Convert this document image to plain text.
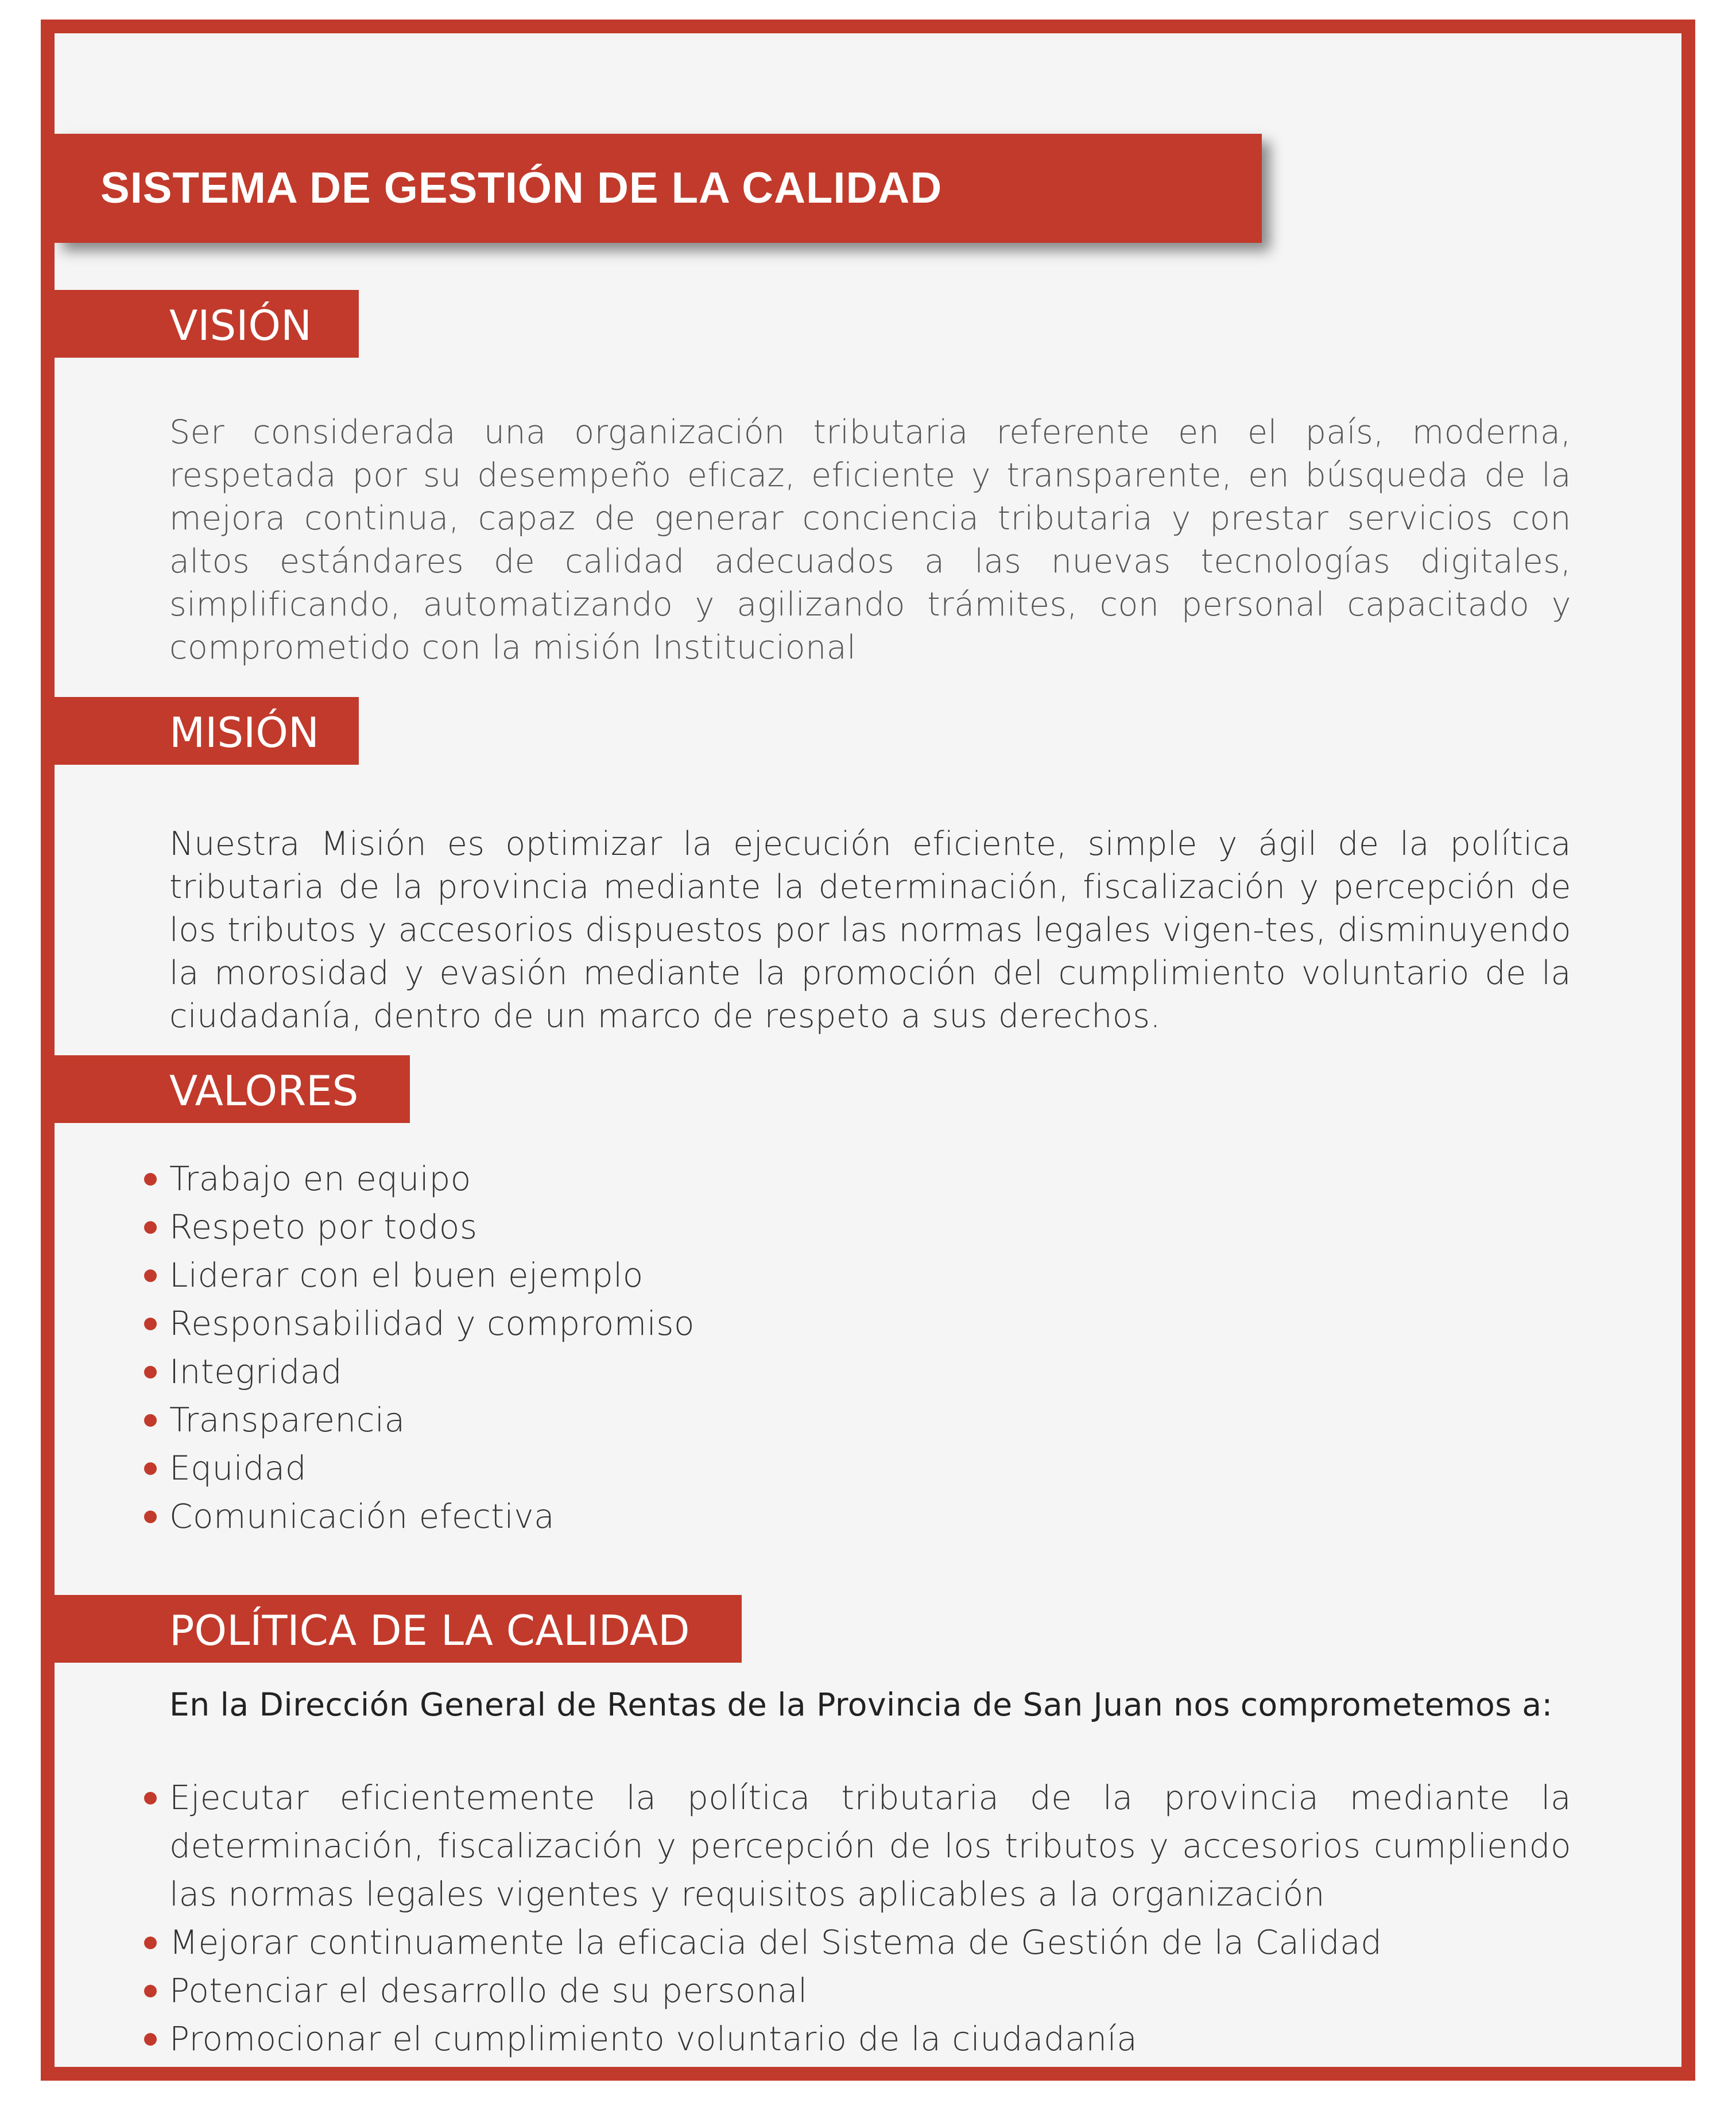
SISTEMA DE GESTIÓN DE LA CALIDAD
VISIÓN

Ser considerada una organización tributaria referente en el país, moderna, respetada por su desempeño eficaz, eficiente y transparente, en búsqueda de la mejora continua, capaz de generar conciencia tributaria y prestar servicios con altos estándares de calidad adecuados a las nuevas tecnologías digitales, simplificando, automatizando y agilizando trámites, con personal capacitado y comprometido con la misión Institucional

MISIÓN

Nuestra Misión es optimizar la ejecución eficiente, simple y ágil de la política tributaria de la provincia mediante la determinación, fiscalización y percepción de los tributos y accesorios dispuestos por las normas legales vigen-tes, disminuyendo la morosidad y evasión mediante la promoción del cumplimiento voluntario de la ciudadanía, dentro de un marco de respeto a sus derechos.

VALORES
Trabajo en equipo
Respeto por todos
Liderar con el buen ejemplo
Responsabilidad y compromiso
Integridad
Transparencia
Equidad
Comunicación efectiva
POLÍTICA DE LA CALIDAD

En la Dirección General de Rentas de la Provincia de San Juan nos comprometemos a:

Ejecutar eficientemente la política tributaria de la provincia mediante la determinación, fiscalización y percepción de los tributos y accesorios cumpliendo las normas legales vigentes y requisitos aplicables a la organización
Mejorar continuamente la eficacia del Sistema de Gestión de la Calidad
Potenciar el desarrollo de su personal
Promocionar el cumplimiento voluntario de la ciudadanía
